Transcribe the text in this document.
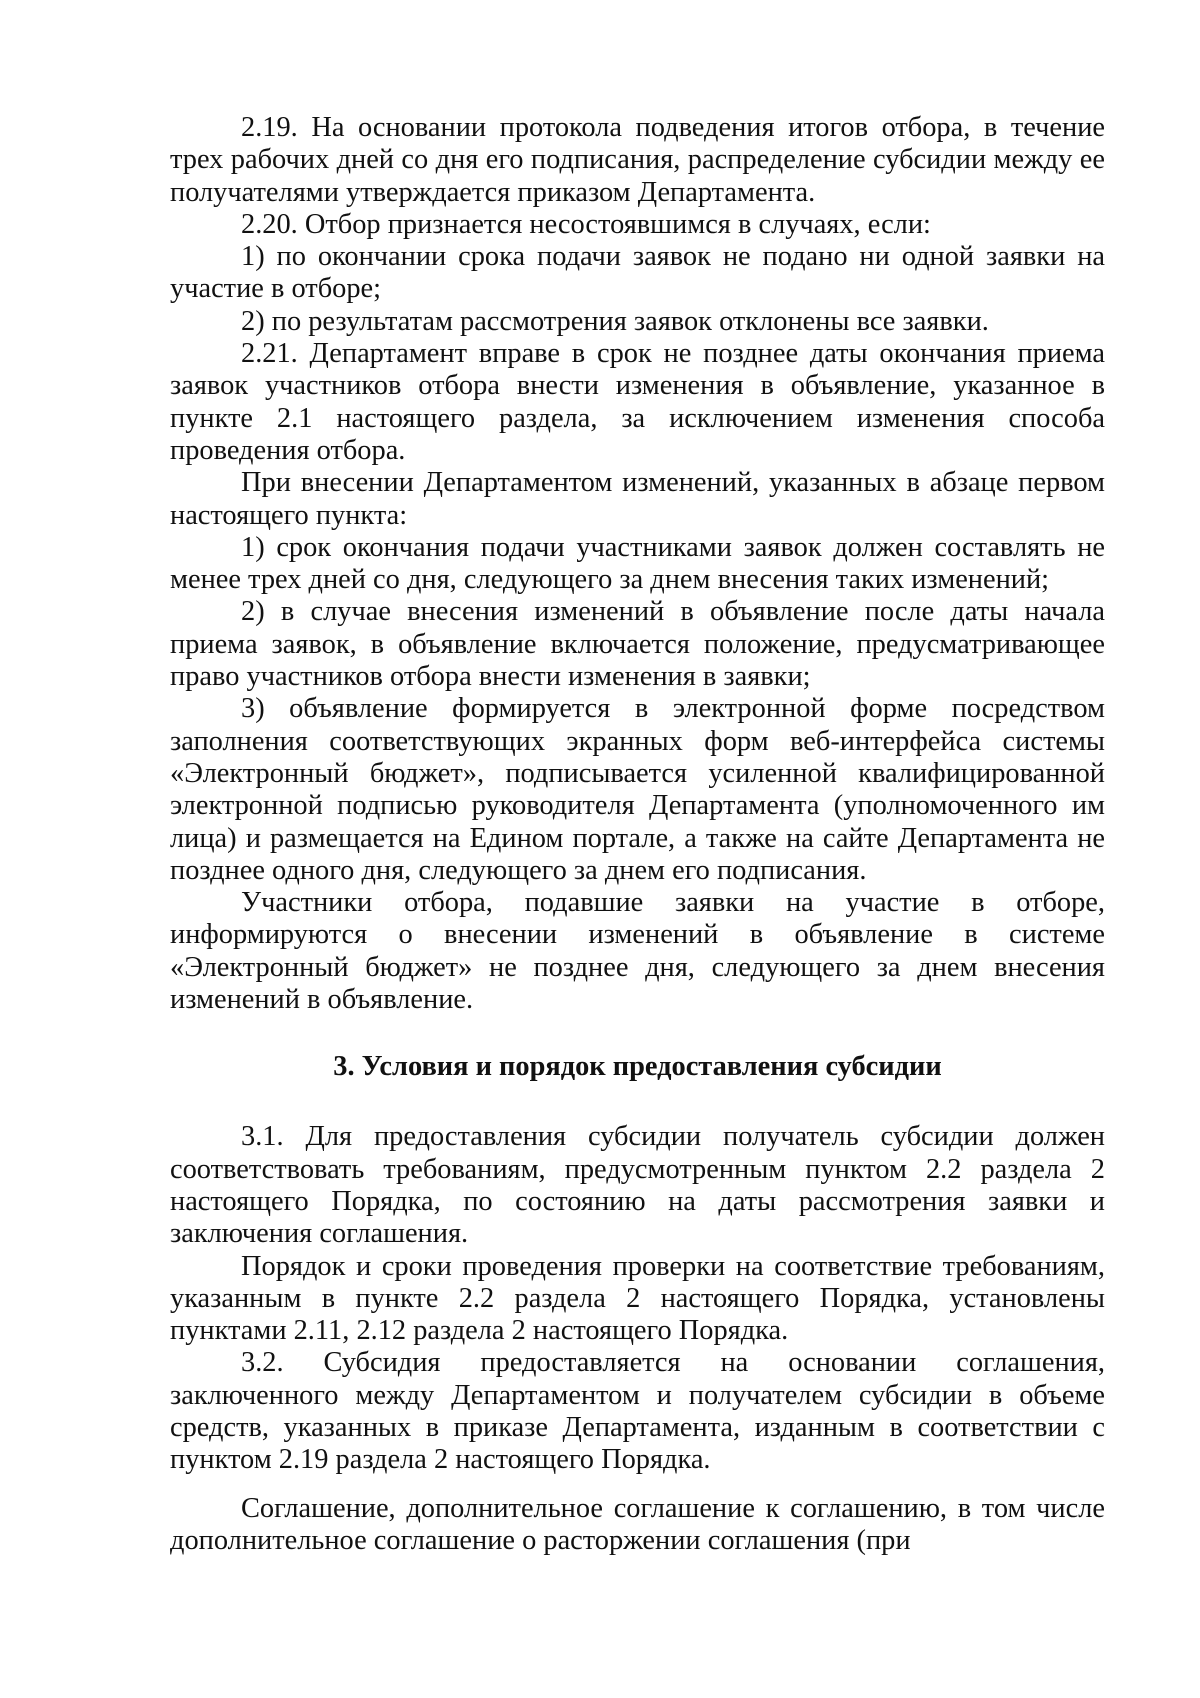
2.19. На основании протокола подведения итогов отбора, в течение трех рабочих дней со дня его подписания, распределение субсидии между ее получателями утверждается приказом Департамента.

2.20. Отбор признается несостоявшимся в случаях, если:

1) по окончании срока подачи заявок не подано ни одной заявки на участие в отборе;

2) по результатам рассмотрения заявок отклонены все заявки.

2.21. Департамент вправе в срок не позднее даты окончания приема заявок участников отбора внести изменения в объявление, указанное в пункте 2.1 настоящего раздела, за исключением изменения способа проведения отбора.

При внесении Департаментом изменений, указанных в абзаце первом настоящего пункта:

1) срок окончания подачи участниками заявок должен составлять не менее трех дней со дня, следующего за днем внесения таких изменений;

2) в случае внесения изменений в объявление после даты начала приема заявок, в объявление включается положение, предусматривающее право участников отбора внести изменения в заявки;

3) объявление формируется в электронной форме посредством заполнения соответствующих экранных форм веб-интерфейса системы «Электронный бюджет», подписывается усиленной квалифицированной электронной подписью руководителя Департамента (уполномоченного им лица) и размещается на Едином портале, а также на сайте Департамента не позднее одного дня, следующего за днем его подписания.

Участники отбора, подавшие заявки на участие в отборе, информируются о внесении изменений в объявление в системе «Электронный бюджет» не позднее дня, следующего за днем внесения изменений в объявление.

3. Условия и порядок предоставления субсидии

3.1. Для предоставления субсидии получатель субсидии должен соответствовать требованиям, предусмотренным пунктом 2.2 раздела 2 настоящего Порядка, по состоянию на даты рассмотрения заявки и заключения соглашения.

Порядок и сроки проведения проверки на соответствие требованиям, указанным в пункте 2.2 раздела 2 настоящего Порядка, установлены пунктами 2.11, 2.12 раздела 2 настоящего Порядка.

3.2. Субсидия предоставляется на основании соглашения, заключенного между Департаментом и получателем субсидии в объеме средств, указанных в приказе Департамента, изданным в соответствии с пунктом 2.19 раздела 2 настоящего Порядка.

Соглашение, дополнительное соглашение к соглашению, в том числе дополнительное соглашение о расторжении соглашения (при
